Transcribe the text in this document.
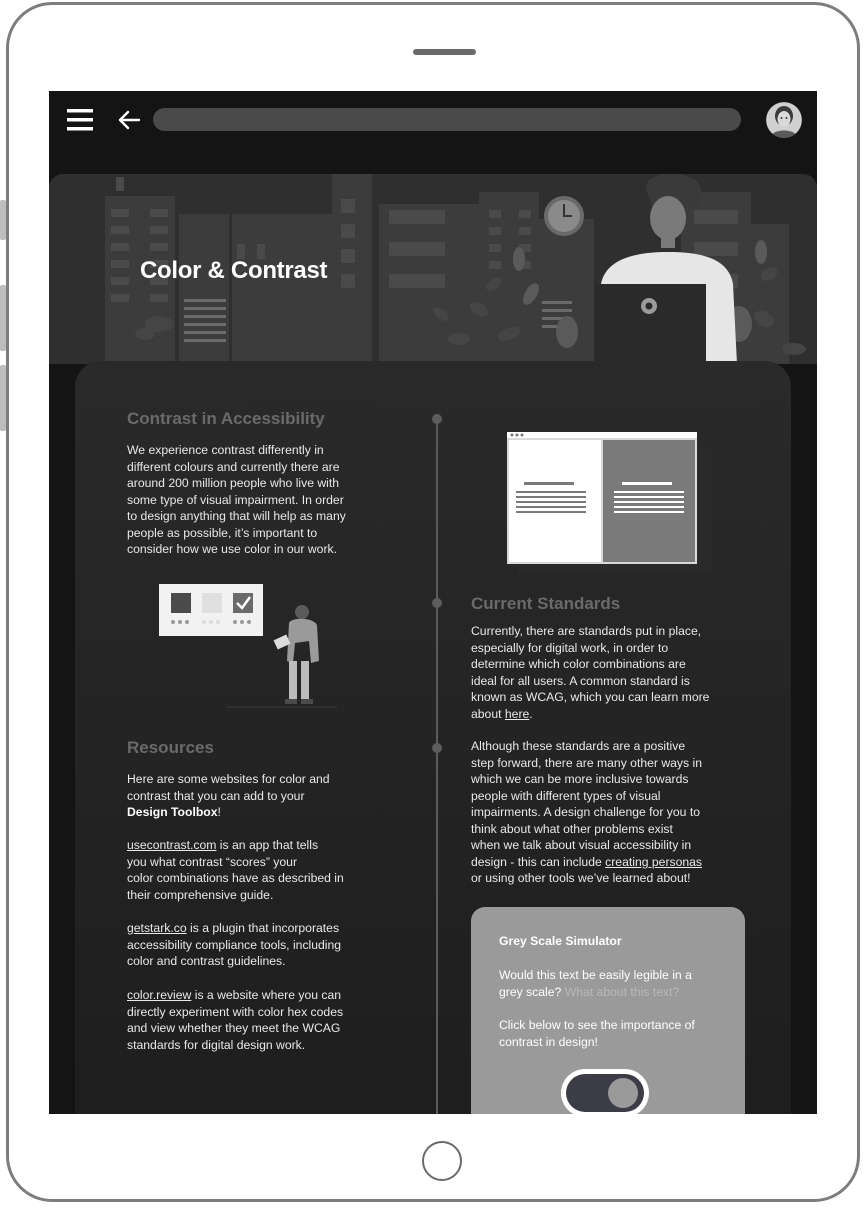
Color & Contrast
Contrast in Accessibility
We experience contrast differently in
different colours and currently there are
around 200 million people who live with
some type of visual impairment. In order
to design anything that will help as many
people as possible, it’s important to
consider how we use color in our work.
Resources
Here are some websites for color and
contrast that you can add to your
Design Toolbox!
usecontrast.com is an app that tells
you what contrast “scores” your
color combinations have as described in
their comprehensive guide.
getstark.co is a plugin that incorporates
accessibility compliance tools, including
color and contrast guidelines.
color.review is a website where you can
directly experiment with color hex codes
and view whether they meet the WCAG
standards for digital design work.
Current Standards
Currently, there are standards put in place,
especially for digital work, in order to
determine which color combinations are
ideal for all users. A common standard is
known as WCAG, which you can learn more
about here.
Although these standards are a positive
step forward, there are many other ways in
which we can be more inclusive towards
people with different types of visual
impairments. A design challenge for you to
think about what other problems exist
when we talk about visual accessibility in
design - this can include creating personas
or using other tools we’ve learned about!
Grey Scale Simulator
Would this text be easily legible in a
grey scale? What about this text?
Click below to see the importance of
contrast in design!
